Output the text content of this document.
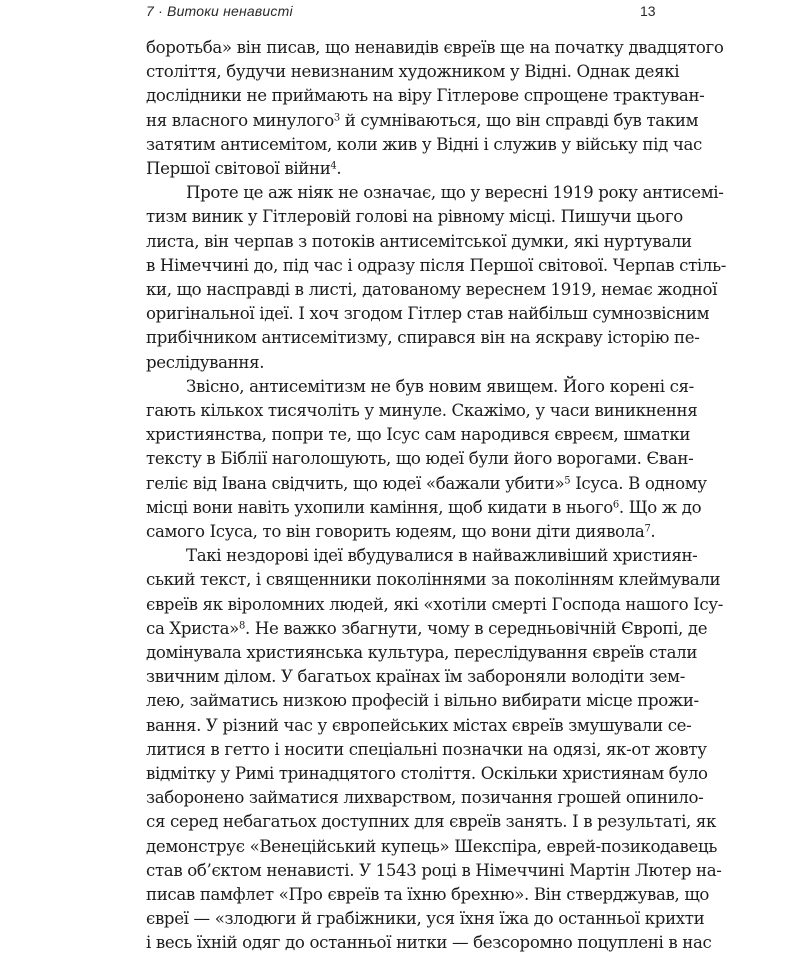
7 · Витоки ненависті	13
боротьба» він писав, що ненавидів євреїв ще на початку двадцятого
століття, будучи невизнаним художником у Відні. Однак деякі
дослідники не приймають на віру Гітлерове спрощене трактуван-
ня власного минулого$^3$ й сумніваються, що він справді був таким
затятим антисемітом, коли жив у Відні і служив у війську під час
Першої світової війни$^4$.
Проте це аж ніяк не означає, що у вересні 1919 року антисемі-
тизм виник у Гітлеровій голові на рівному місці. Пишучи цього
листа, він черпав з потоків антисемітської думки, які нуртували
в Німеччині до, під час і одразу після Першої світової. Черпав стіль-
ки, що насправді в листі, датованому вереснем 1919, немає жодної
оригінальної ідеї. І хоч згодом Гітлер став найбільш сумнозвісним
прибічником антисемітизму, спирався він на яскраву історію пе-
реслідування.
Звісно, антисемітизм не був новим явищем. Його корені ся-
гають кількох тисячоліть у минуле. Скажімо, у часи виникнення
християнства, попри те, що Ісус сам народився євреєм, шматки
тексту в Біблії наголошують, що юдеї були його ворогами. Єван-
геліє від Івана свідчить, що юдеї «бажали убити»$^5$ Ісуса. В одному
місці вони навіть ухопили каміння, щоб кидати в нього$^6$. Що ж до
самого Ісуса, то він говорить юдеям, що вони діти диявола$^7$.
Такі нездорові ідеї вбудувалися в найважливіший християн-
ський текст, і священники поколіннями за поколінням клеймували
євреїв як віроломних людей, які «хотіли смерті Господа нашого Ісу-
са Христа»$^8$. Не важко збагнути, чому в середньовічній Європі, де
домінувала християнська культура, переслідування євреїв стали
звичним ділом. У багатьох країнах їм забороняли володіти зем-
лею, займатись низкою професій і вільно вибирати місце прожи-
вання. У різний час у європейських містах євреїв змушували се-
литися в гетто і носити спеціальні позначки на одязі, як-от жовту
відмітку у Римі тринадцятого століття. Оскільки християнам було
заборонено займатися лихварством, позичання грошей опинило-
ся серед небагатьох доступних для євреїв занять. І в результаті, як
демонструє «Венеційський купець» Шекспіра, еврей-позикодавець
став об’єктом ненависті. У 1543 році в Німеччині Мартін Лютер на-
писав памфлет «Про євреїв та їхню брехню». Він стверджував, що
євреї — «злодюги й грабіжники, уся їхня їжа до останньої крихти
і весь їхній одяг до останньої нитки — безсоромно поцуплені в нас
